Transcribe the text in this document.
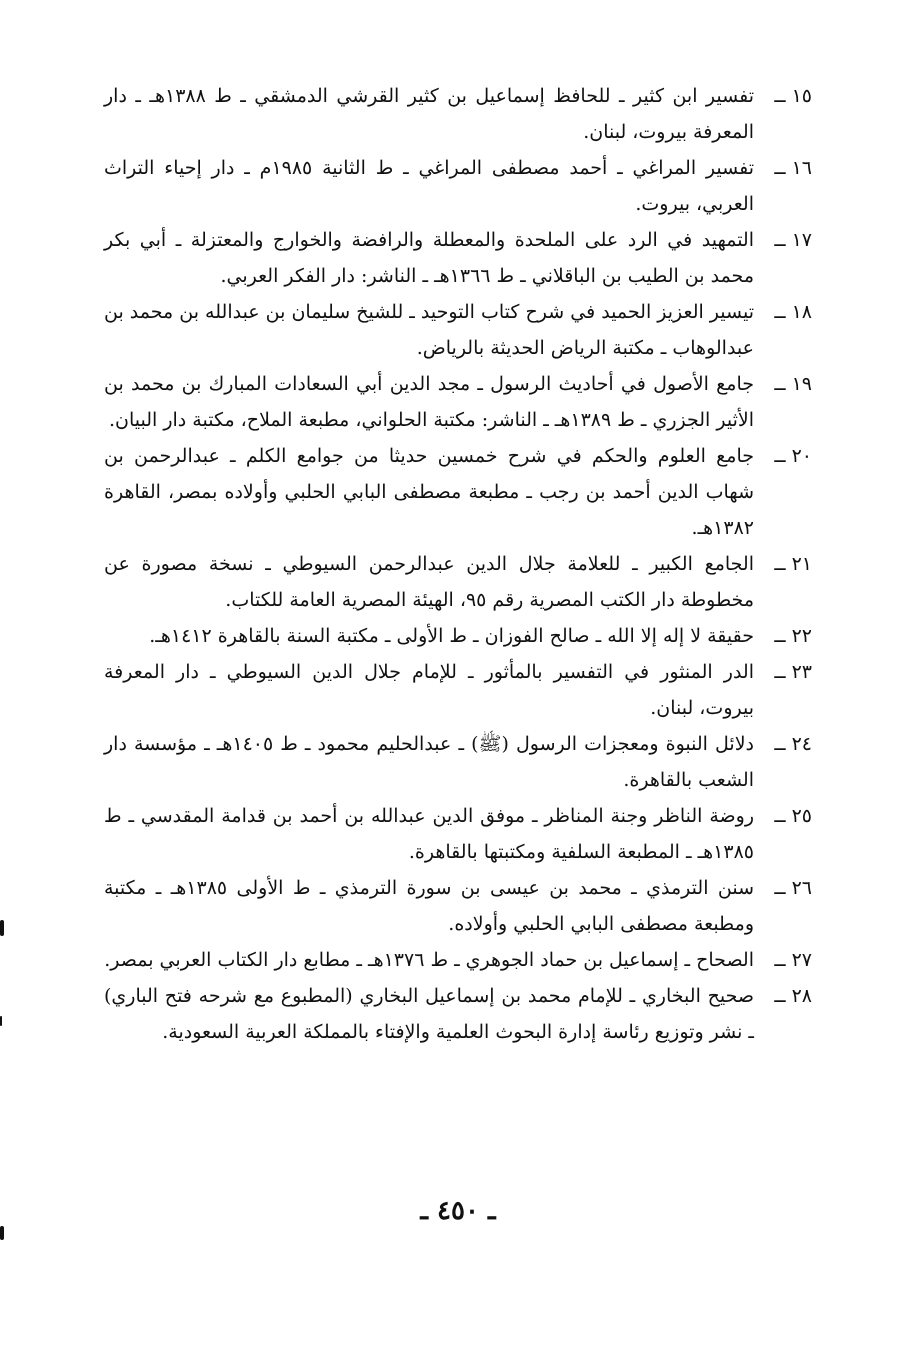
١٥ ــ
تفسير ابن كثير ـ للحافظ إسماعيل بن كثير القرشي الدمشقي ـ ط ١٣٨٨هـ ـ دار المعرفة بيروت، لبنان.
١٦ ــ
تفسير المراغي ـ أحمد مصطفى المراغي ـ ط الثانية ١٩٨٥م ـ دار إحياء التراث العربي، بيروت.
١٧ ــ
التمهيد في الرد على الملحدة والمعطلة والرافضة والخوارج والمعتزلة ـ أبي بكر محمد بن الطيب بن الباقلاني ـ ط ١٣٦٦هـ ـ الناشر: دار الفكر العربي.
١٨ ــ
تيسير العزيز الحميد في شرح كتاب التوحيد ـ للشيخ سليمان بن عبدالله بن محمد بن عبدالوهاب ـ مكتبة الرياض الحديثة بالرياض.
١٩ ــ
جامع الأصول في أحاديث الرسول ـ مجد الدين أبي السعادات المبارك بن محمد بن الأثير الجزري ـ ط ١٣٨٩هـ ـ الناشر: مكتبة الحلواني، مطبعة الملاح، مكتبة دار البيان.
٢٠ ــ
جامع العلوم والحكم في شرح خمسين حديثا من جوامع الكلم ـ عبدالرحمن بن شهاب الدين أحمد بن رجب ـ مطبعة مصطفى البابي الحلبي وأولاده بمصر، القاهرة ١٣٨٢هـ.
٢١ ــ
الجامع الكبير ـ للعلامة جلال الدين عبدالرحمن السيوطي ـ نسخة مصورة عن مخطوطة دار الكتب المصرية رقم ٩٥، الهيئة المصرية العامة للكتاب.
٢٢ ــ
حقيقة لا إله إلا الله ـ صالح الفوزان ـ ط الأولى ـ مكتبة السنة بالقاهرة ١٤١٢هـ.
٢٣ ــ
الدر المنثور في التفسير بالمأثور ـ للإمام جلال الدين السيوطي ـ دار المعرفة بيروت، لبنان.
٢٤ ــ
دلائل النبوة ومعجزات الرسول (ﷺ) ـ عبدالحليم محمود ـ ط ١٤٠٥هـ ـ مؤسسة دار الشعب بالقاهرة.
٢٥ ــ
روضة الناظر وجنة المناظر ـ موفق الدين عبدالله بن أحمد بن قدامة المقدسي ـ ط ١٣٨٥هـ ـ المطبعة السلفية ومكتبتها بالقاهرة.
٢٦ ــ
سنن الترمذي ـ محمد بن عيسى بن سورة الترمذي ـ ط الأولى ١٣٨٥هـ ـ مكتبة ومطبعة مصطفى البابي الحلبي وأولاده.
٢٧ ــ
الصحاح ـ إسماعيل بن حماد الجوهري ـ ط ١٣٧٦هـ ـ مطابع دار الكتاب العربي بمصر.
٢٨ ــ
صحيح البخاري ـ للإمام محمد بن إسماعيل البخاري (المطبوع مع شرحه فتح الباري) ـ نشر وتوزيع رئاسة إدارة البحوث العلمية والإفتاء بالمملكة العربية السعودية.
ـ ٤٥٠ ـ
